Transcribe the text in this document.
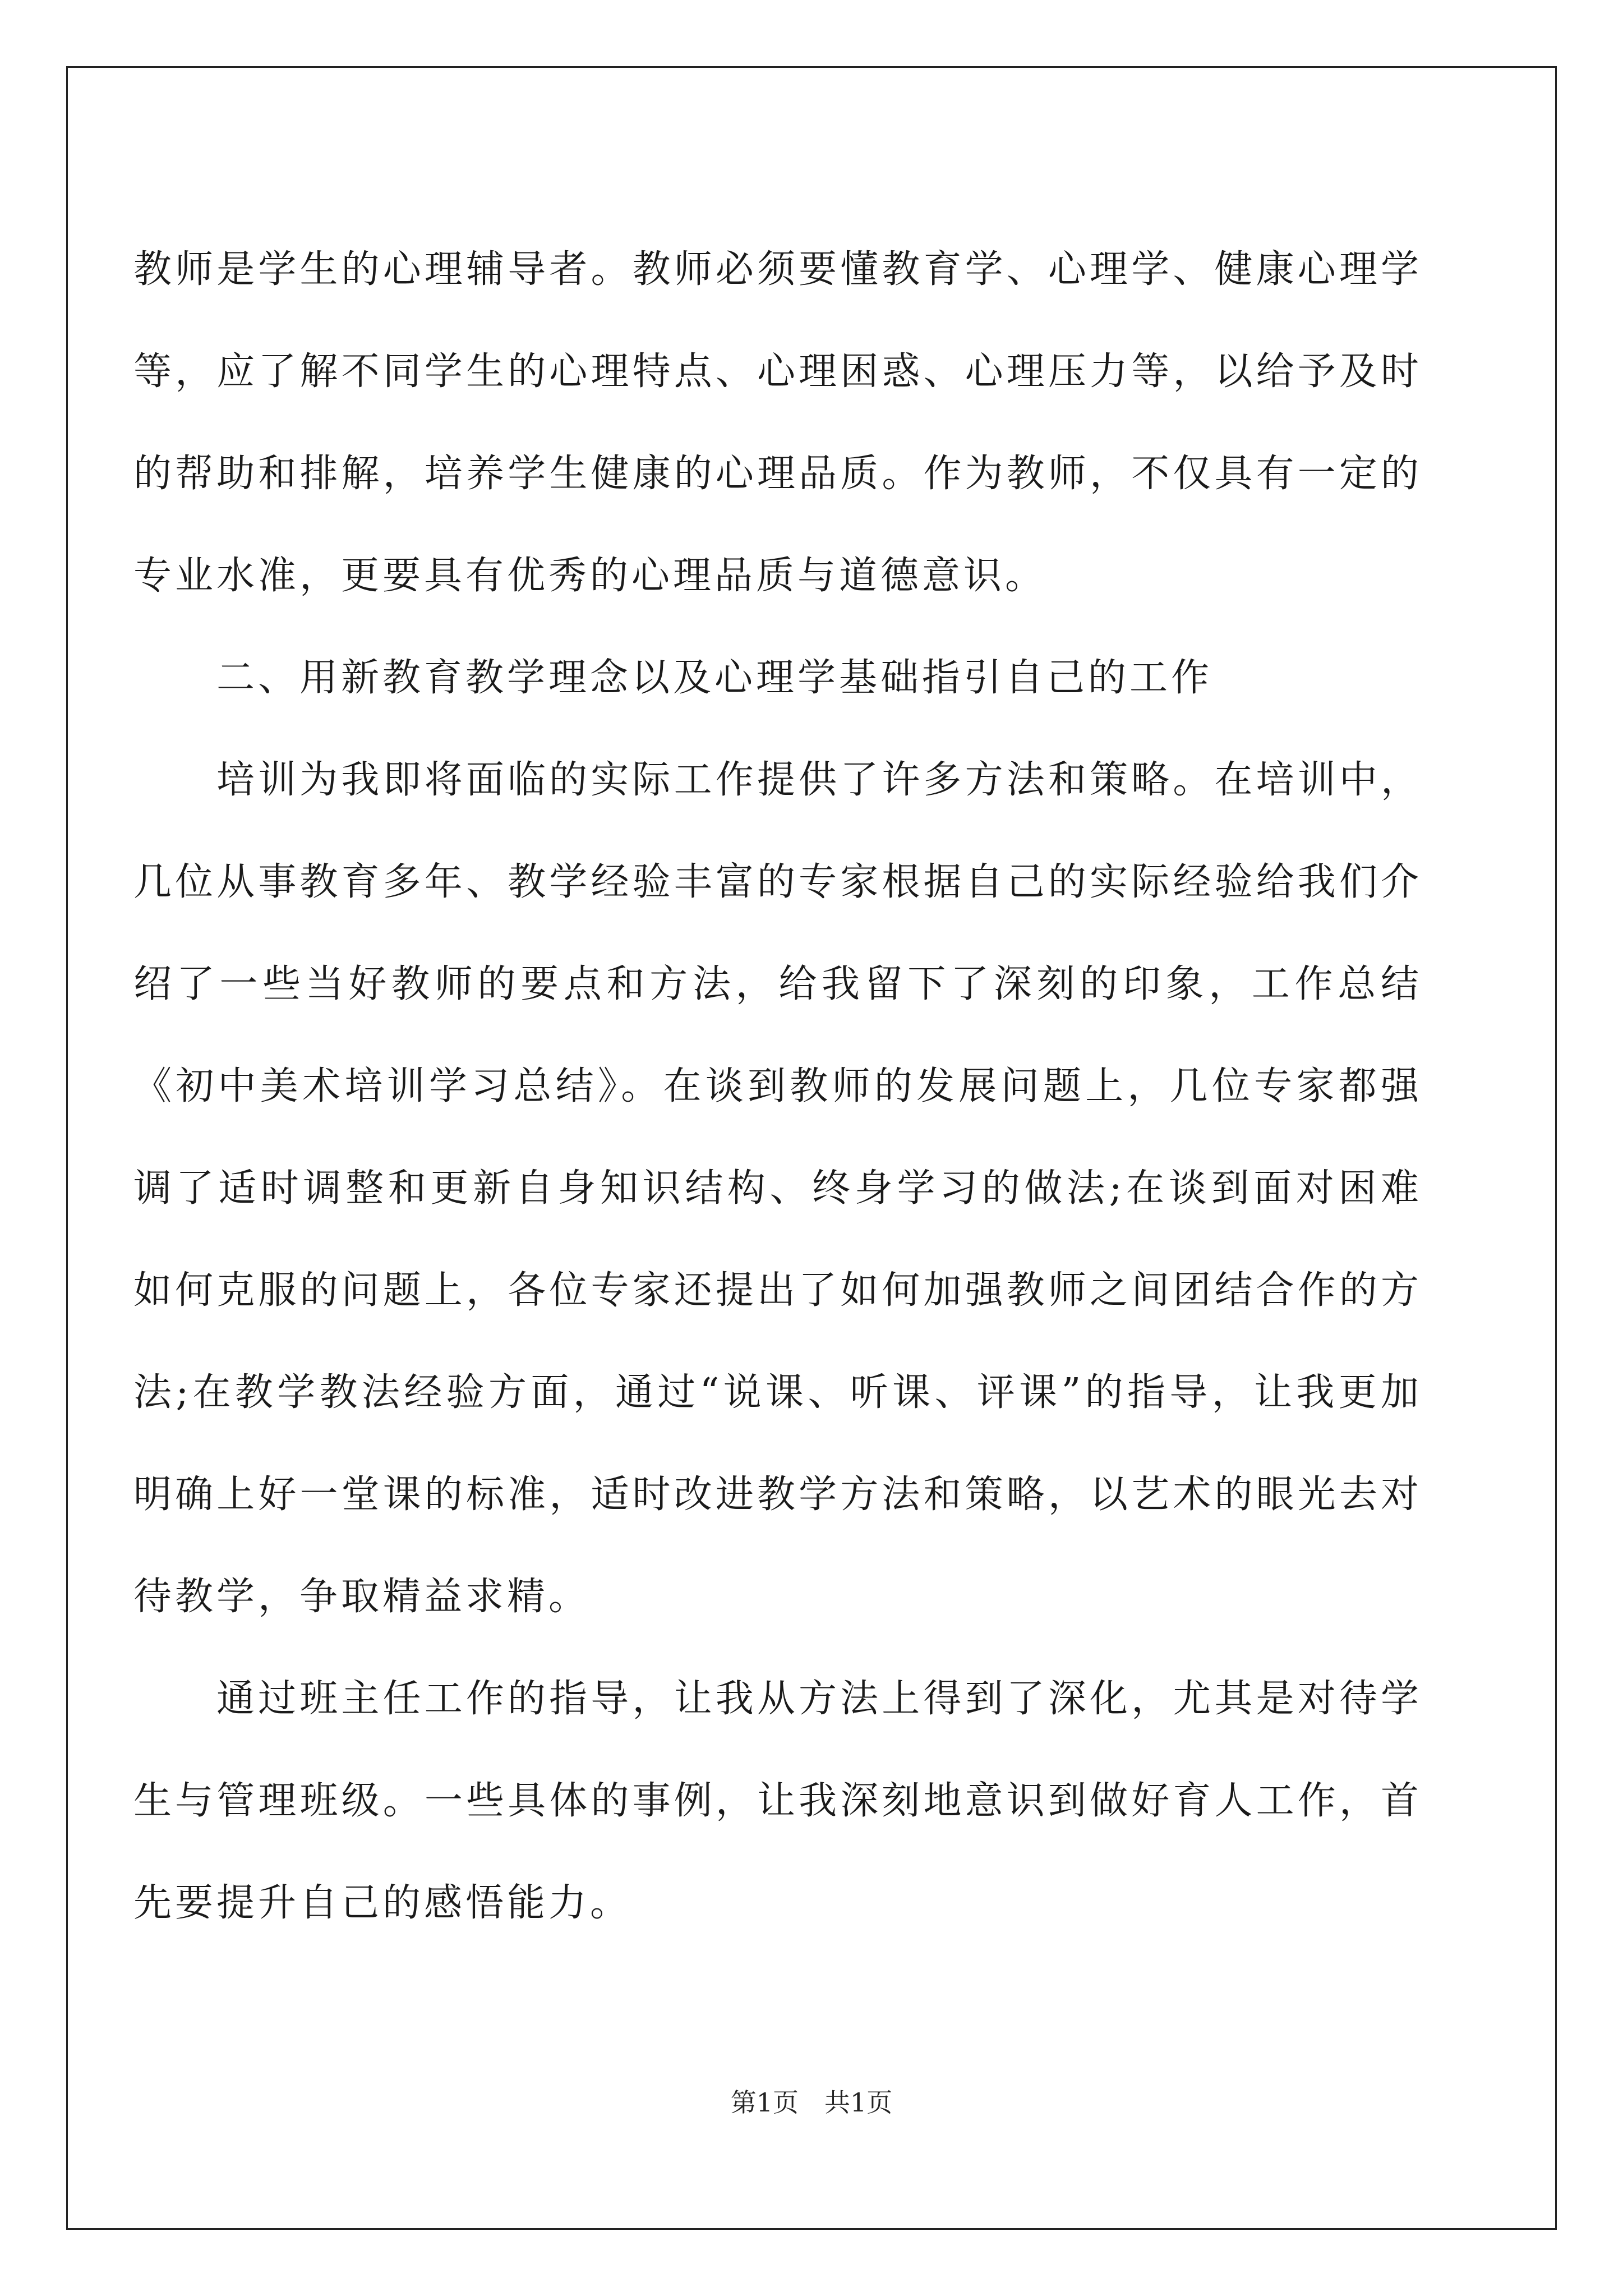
教师是学生的心理辅导者。教师必须要懂教育学、心理学、健康心理学等，应了解不同学生的心理特点、心理困惑、心理压力等，以给予及时的帮助和排解，培养学生健康的心理品质。作为教师，不仅具有一定的专业水准，更要具有优秀的心理品质与道德意识。

二、用新教育教学理念以及心理学基础指引自己的工作

培训为我即将面临的实际工作提供了许多方法和策略。在培训中，几位从事教育多年、教学经验丰富的专家根据自己的实际经验给我们介绍了一些当好教师的要点和方法，给我留下了深刻的印象，工作总结《初中美术培训学习总结》。在谈到教师的发展问题上，几位专家都强调了适时调整和更新自身知识结构、终身学习的做法;在谈到面对困难如何克服的问题上，各位专家还提出了如何加强教师之间团结合作的方法;在教学教法经验方面，通过“说课、听课、评课”的指导，让我更加明确上好一堂课的标准，适时改进教学方法和策略，以艺术的眼光去对待教学，争取精益求精。

通过班主任工作的指导，让我从方法上得到了深化，尤其是对待学生与管理班级。一些具体的事例，让我深刻地意识到做好育人工作，首先要提升自己的感悟能力。

第1页　共1页
